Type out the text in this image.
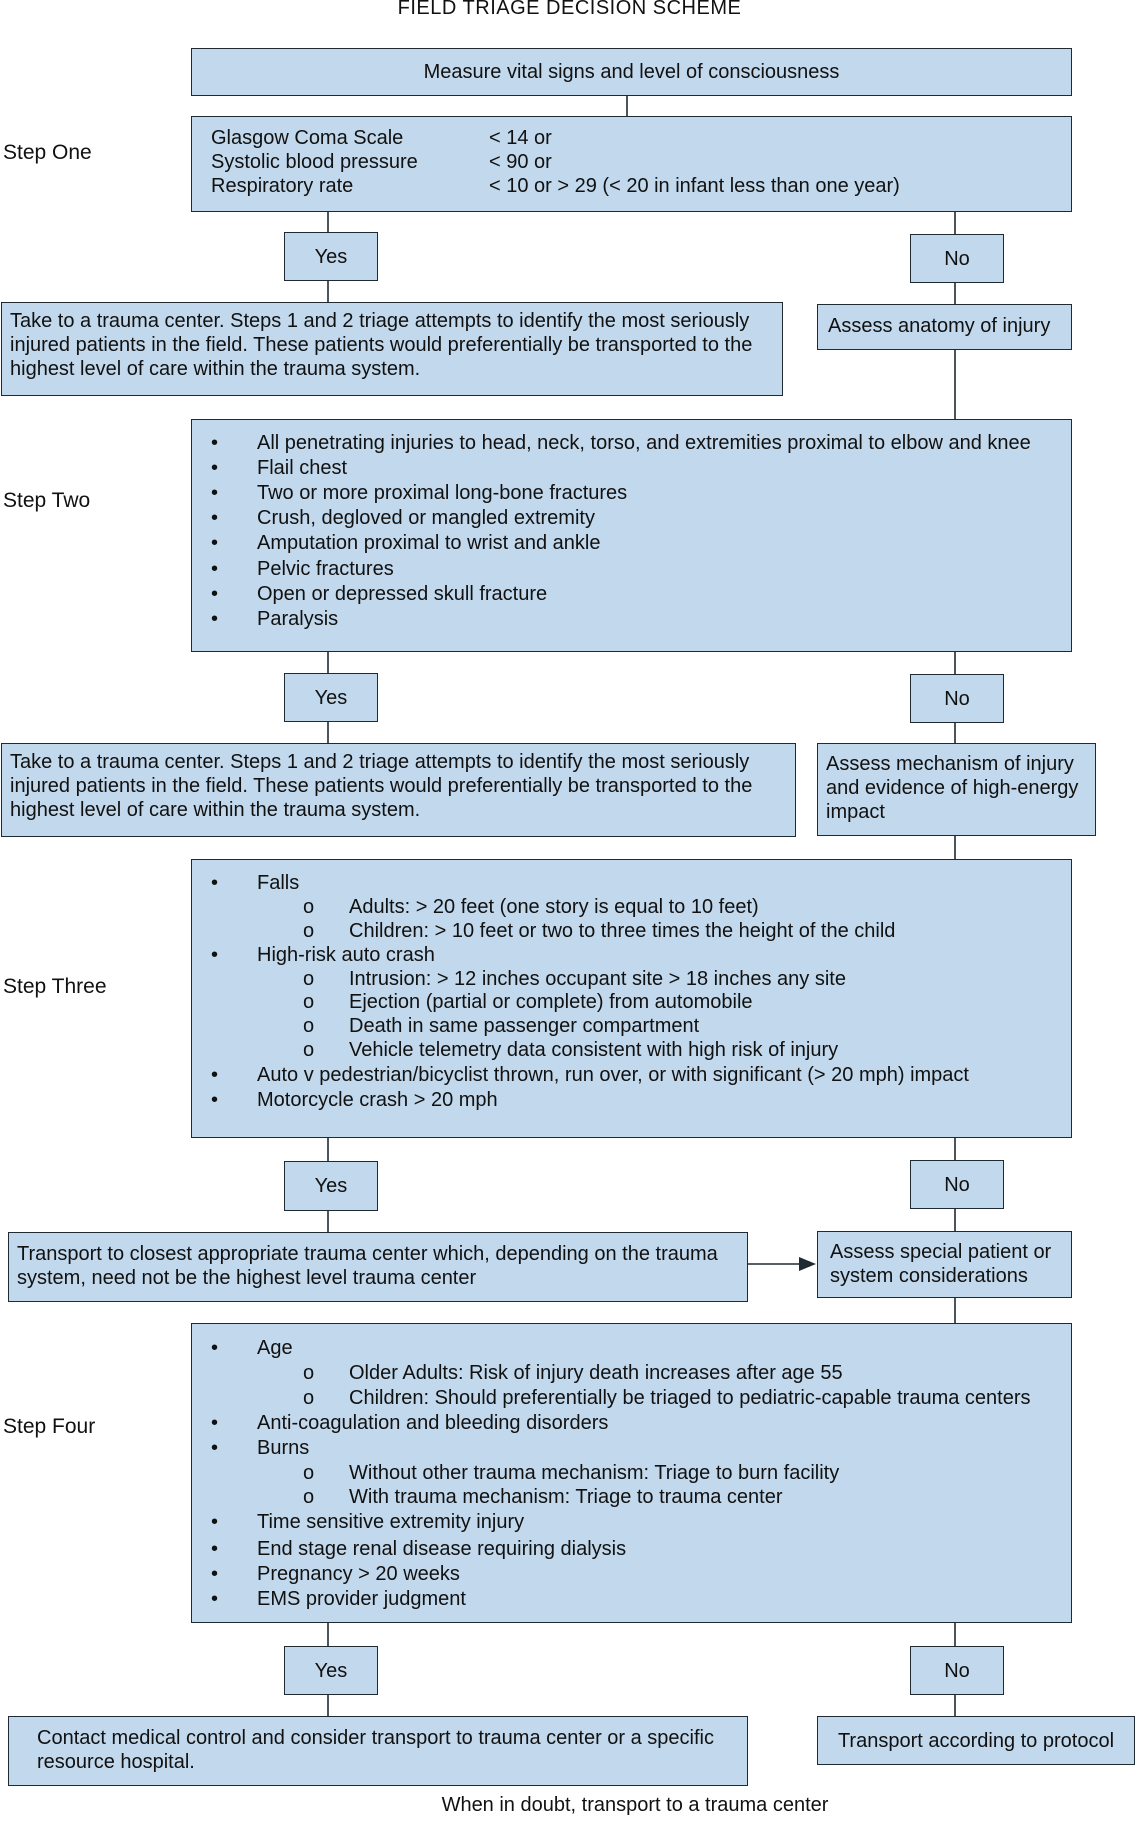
FIELD TRIAGE DECISION SCHEME
Step One
Step Two
Step Three
Step Four
Measure vital signs and level of consciousness
Glasgow Coma Scale	< 14 or
Systolic blood pressure	< 90 or
Respiratory rate	< 10 or > 29 (< 20 in infant less than one year)
Yes	No
Take to a trauma center. Steps 1 and 2 triage attempts to identify the most seriously injured patients in the field. These patients would preferentially be transported to the highest level of care within the trauma system.
Assess anatomy of injury
• All penetrating injuries to head, neck, torso, and extremities proximal to elbow and knee
• Flail chest
• Two or more proximal long-bone fractures
• Crush, degloved or mangled extremity
• Amputation proximal to wrist and ankle
• Pelvic fractures
• Open or depressed skull fracture
• Paralysis
Yes	No
Take to a trauma center. Steps 1 and 2 triage attempts to identify the most seriously injured patients in the field. These patients would preferentially be transported to the highest level of care within the trauma system.
Assess mechanism of injury and evidence of high-energy impact
• Falls
o Adults: > 20 feet (one story is equal to 10 feet)
o Children: > 10 feet or two to three times the height of the child
• High-risk auto crash
o Intrusion: > 12 inches occupant site > 18 inches any site
o Ejection (partial or complete) from automobile
o Death in same passenger compartment
o Vehicle telemetry data consistent with high risk of injury
• Auto v pedestrian/bicyclist thrown, run over, or with significant (> 20 mph) impact
• Motorcycle crash > 20 mph
Yes	No
Transport to closest appropriate trauma center which, depending on the trauma system, need not be the highest level trauma center
Assess special patient or system considerations
• Age
o Older Adults: Risk of injury death increases after age 55
o Children: Should preferentially be triaged to pediatric-capable trauma centers
• Anti-coagulation and bleeding disorders
• Burns
o Without other trauma mechanism: Triage to burn facility
o With trauma mechanism: Triage to trauma center
• Time sensitive extremity injury
• End stage renal disease requiring dialysis
• Pregnancy > 20 weeks
• EMS provider judgment
Yes	No
Contact medical control and consider transport to trauma center or a specific resource hospital.
Transport according to protocol
When in doubt, transport to a trauma center
